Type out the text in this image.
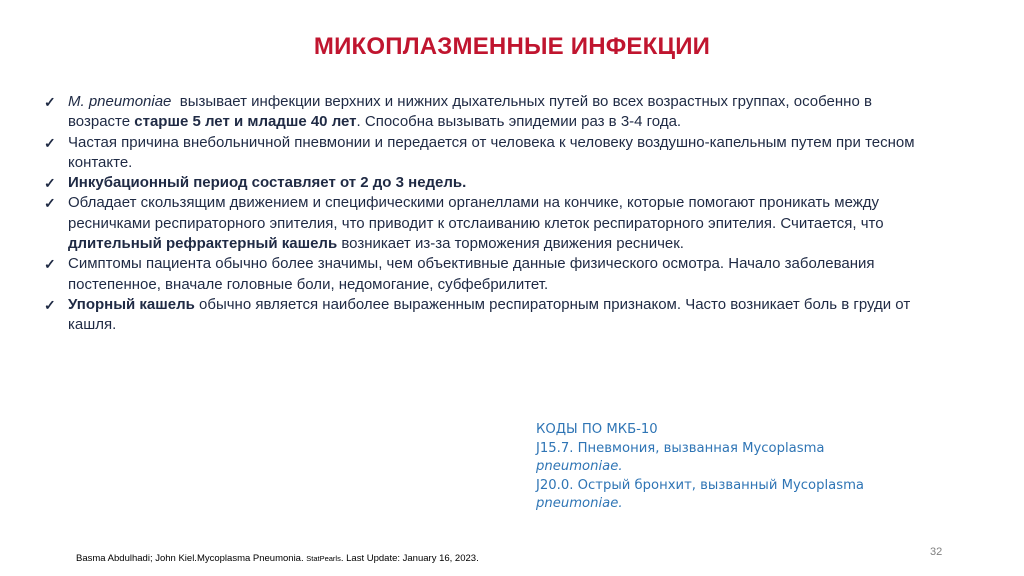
МИКОПЛАЗМЕННЫЕ ИНФЕКЦИИ
✓ M. pneumoniae  вызывает инфекции верхних и нижних дыхательных путей во всех возрастных группах, особенно в возрасте старше 5 лет и младше 40 лет. Способна вызывать эпидемии раз в 3-4 года.
✓ Частая причина внебольничной пневмонии и передается от человека к человеку воздушно-капельным путем при тесном контакте.
✓ Инкубационный период составляет от 2 до 3 недель.
✓ Обладает скользящим движением и специфическими органеллами на кончике, которые помогают проникать между ресничками респираторного эпителия, что приводит к отслаиванию клеток респираторного эпителия. Считается, что длительный рефрактерный кашель возникает из-за торможения движения ресничек.
✓ Симптомы пациента обычно более значимы, чем объективные данные физического осмотра. Начало заболевания постепенное, вначале головные боли, недомогание, субфебрилитет.
✓ Упорный кашель обычно является наиболее выраженным респираторным признаком. Часто возникает боль в груди от кашля.
КОДЫ ПО МКБ-10
J15.7. Пневмония, вызванная Mycoplasma
pneumoniae.
J20.0. Острый бронхит, вызванный Mycoplasma
pneumoniae.
32
Basma Abdulhadi; John Kiel.Mycoplasma Pneumonia. StatPearls. Last Update: January 16, 2023.
